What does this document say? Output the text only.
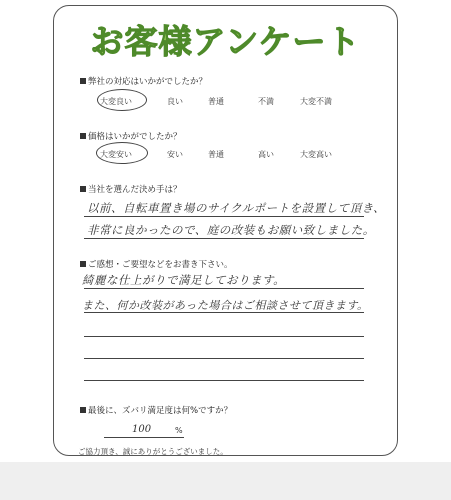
お客様アンケート
弊社の対応はいかがでしたか？
大変良い	良い	普通	不満	大変不満
価格はいかがでしたか？
大変安い	安い	普通	高い	大変高い
当社を選んだ決め手は？
以前、自転車置き場のサイクルポートを設置して頂き、
非常に良かったので、庭の改装もお願い致しました。
ご感想・ご要望などをお書き下さい。
綺麗な仕上がりで満足しております。
また、何か改装があった場合はご相談させて頂きます。
最後に、ズバリ満足度は何%ですか？
100	%
ご協力頂き、誠にありがとうございました。
